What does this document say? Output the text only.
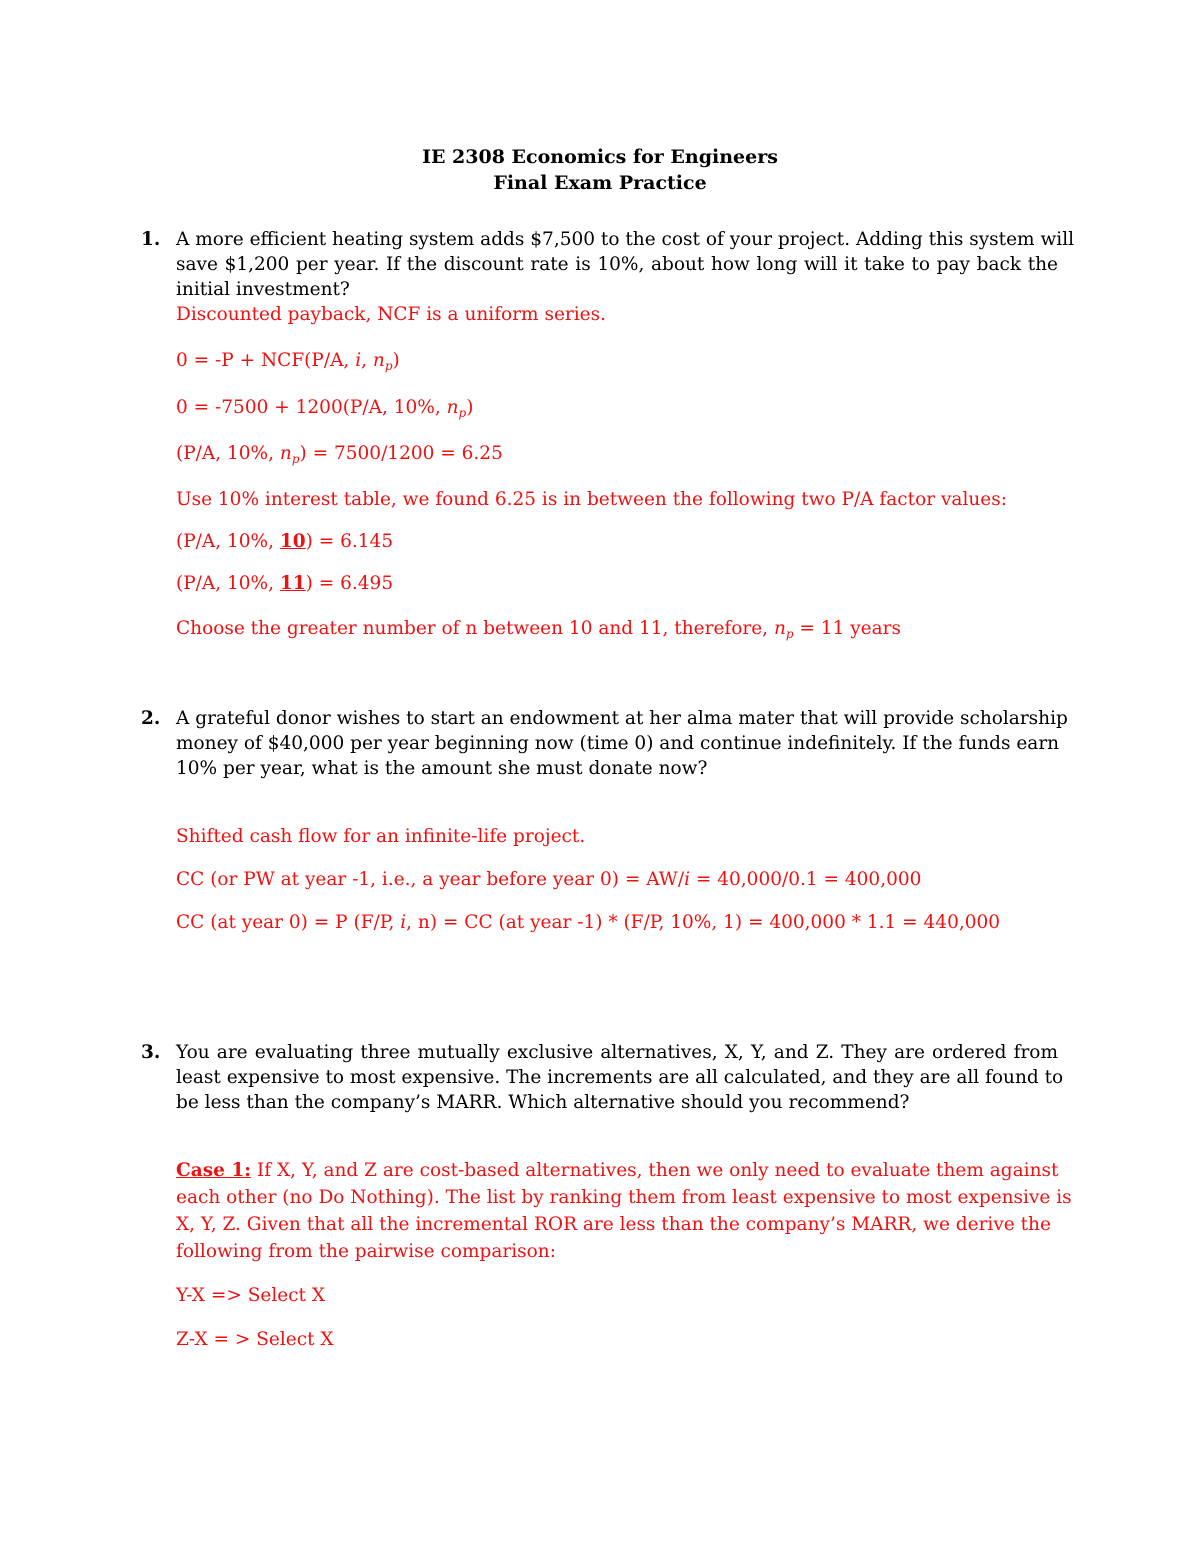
IE 2308 Economics for Engineers
Final Exam Practice
1. A more efficient heating system adds $7,500 to the cost of your project. Adding this system will
save $1,200 per year. If the discount rate is 10%, about how long will it take to pay back the
initial investment?
Discounted payback, NCF is a uniform series.
0 = -P + NCF(P/A, i, $n_p$)
0 = -7500 + 1200(P/A, 10%, $n_p$)
(P/A, 10%, $n_p) = 7500/1200 = 6.25$
Use 10% interest table, we found 6.25 is in between the following two P/A factor values:
(P/A, 10%, 10) = 6.145
(P/A, 10%, 11) = 6.495
Choose the greater number of n between 10 and 11, therefore, $n_p = 11$ years
2. A grateful donor wishes to start an endowment at her alma mater that will provide scholarship
money of $40,000 per year beginning now (time 0) and continue indefinitely. If the funds earn
10% per year, what is the amount she must donate now?
Shifted cash flow for an infinite-life project.
CC (or PW at year -1, i.e., a year before year 0) = AW/i = 40,000/0.1 = 400,000
CC (at year 0) = P (F/P, i, n) = CC (at year -1) * (F/P, 10%, 1) = 400,000 * 1.1 = 440,000
3. You are evaluating three mutually exclusive alternatives, X, Y, and Z. They are ordered from
least expensive to most expensive. The increments are all calculated, and they are all found to
be less than the company’s MARR. Which alternative should you recommend?
Case 1: If X, Y, and Z are cost-based alternatives, then we only need to evaluate them against
each other (no Do Nothing). The list by ranking them from least expensive to most expensive is
X, Y, Z. Given that all the incremental ROR are less than the company’s MARR, we derive the
following from the pairwise comparison:
Y-X => Select X
Z-X = > Select X
